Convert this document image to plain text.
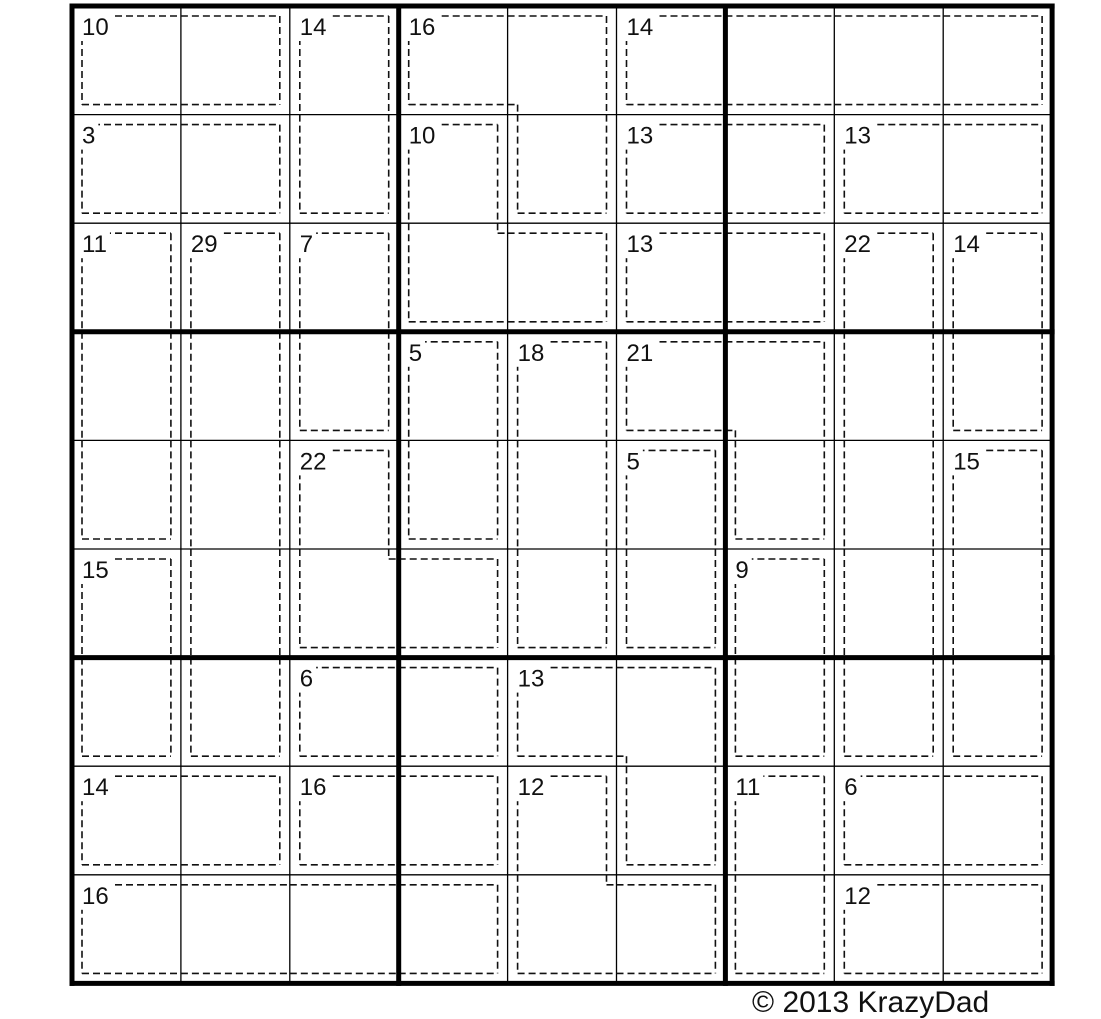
10	14	16	14
3	10	13	13
11	29	7	13	22	14
5	18	21
22	5	15
15	9
6	13
14	16	12	11	6
16	12
© 2013 KrazyDad
